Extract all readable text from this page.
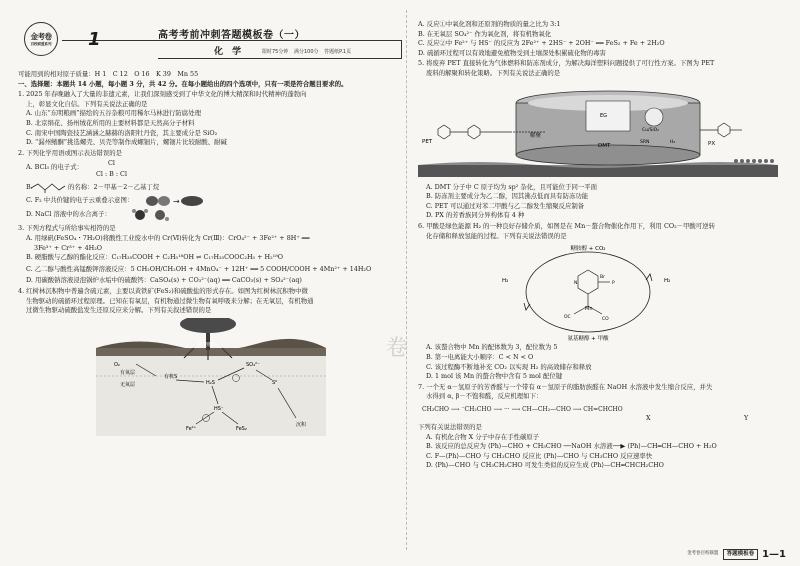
金考卷
百校联盟系列 1	高考考前冲刺答题模板卷（一）
化 学	限时75分钟 满分100分 答题纸P.1页
可能用到的相对原子质量：H 1　C 12　O 16　K 39　Mn 55
一、选择题：本题共 14 小题，每小题 3 分，共 42 分。在每小题给出的四个选项中，只有一项是符合题目要求的。
1. 2025 年春晚融入了大量的非遗元素，让我们深刻感受到了中华文化的博大精深和时代精神的蓬勃向
上，彰显文化自信。下列有关说法正确的是
A. 山东“东明粮画”描绘的五谷杂粮可用稀尔马林进行防腐处理
B. 北京绢花、扬州绒花所用的主要材料都是天然高分子材料
C. 南宋中国陶瓷技艺涵涵之赫赫的洛阳牡丹瓷，其主要成分是 SiO₂
D. “漏州鳍酮”挑选螺壳、贝壳等制作成螺钿片，螺钿片比较耐酸、耐碱
2. 下列化学用语或图示表达错误的是
A. BCl₃ 的电子式：	Cl
Cl : B : Cl
B.	的名称：2－甲基－2－乙基丁烷
C. F₂ 中共价键的电子云重叠示意图：	→
D. NaCl 溶液中的水合离子：
3. 下列方程式与所给事实相符的是
A. 用绿矾(FeSO₄・7H₂O)将酸性工业废水中的 Cr(Ⅵ)转化为 Cr(Ⅲ)：CrO₄²⁻ + 3Fe²⁺ + 8H⁺ ══
3Fe³⁺ + Cr³⁺ + 4H₂O
B. 硬脂酸与乙醇的酯化反应：C₁₇H₃₅COOH + C₂H₅¹⁸OH ⇌ C₁₇H₃₅COOC₂H₅ + H₂¹⁸O
C. 乙二醇与酸性高锰酸钾溶液反应：5 CH₂OH/CH₂OH + 4MnO₄⁻ + 12H⁺ ══ 5 COOH/COOH + 4Mn²⁺ + 14H₂O
D. 用碳酸钠溶液浸泡锅炉水垢中的硫酸钙：CaSO₄(s) + CO₃²⁻(aq) ══ CaCO₃(s) + SO₄²⁻(aq)
4. 红树林沉积物中普遍含硫元素，主要以黄铁矿(FeS₂)和硫酸盐的形式存在。如图为红树林沉积物中微
生物驱动的硫循环过程原理。已知在有氧层，有机物通过微生物有氧呼吸来分解；在无氧层，有机物通
过微生物驱动硫酸盐发生还原反应来分解。下列有关叙述错误的是
植物腐殖
O₂
有氧层
无氧层
有机S
H₂S
SO₄²⁻
S⁰
HS⁻
Fe²⁺	FeS₂
沉积
A. 反应①中氧化剂和还原剂的物质的量之比为 3:1
B. 在无氧层 SO₄²⁻ 作为氧化剂，将有机物氧化
C. 反应②中 Fe²⁺ 与 HS⁻ 的反应为 2Fe²⁺ + 2HS⁻ + 2OH⁻ ══ FeS₂ + Fe + 2H₂O
D. 硫循环过程可以有效地避免植物受到土壤深处积累硫化物的毒害
5. 将废弃 PET 直接转化为气体燃料和防冻剂成分，为解决海洋塑料问题提供了可行性方案。下图为 PET
废料的解聚和转化策略。下列有关说法正确的是
PET
解聚
DMT	PX
EG
Cu/SiO₂
SRN	H₂
A. DMT 分子中 C 原子均为 sp² 杂化，且可能位于同一平面
B. 防冻剂主要成分为乙二醇，因其沸点低而具有防冻功能
C. PET 可以通过对苯二甲酸与乙二醇发生缩聚反应制备
D. PX 的芳香族同分异构体有 4 种
6. 甲酸是绿色能源 H₂ 的一种良好存储介质，如图是在 Mn－螯合物催化作用下，利用 CO₂－甲酸可逆转
化存储和释放氢能的过程。下列有关说法错误的是
糖胺醇 + CO₂
H₂	H₂
氨基糖醇 + 甲酸
Mn
N
Br
P
OC	CO
A. 该螯合物中 Mn 的配体数为 3，配位数为 5
B. 第一电离能大小顺序：C < N < O
C. 该过程酶不断地补充 CO₂ 以实现 H₂ 的高效储存和释放
D. 1 mol 该 Mn 的螯合物中含有 5 mol 配位键
7. 一个无 α－氢原子的芳香醛与一个带有 α－氢原子的脂肪族醛在 NaOH 水溶液中发生缩合反应，并失
水得到 α, β－不饱和醛，反应机理如下：
CH₃CHO ⟶ ⁻CH₂CHO ⟶ ··· ⟶ CH—CH₂—CHO ⟶ CH=CHCHO
X	Y
下列有关说法错误的是
A. 有机化合物 X 分子中存在手性碳原子
B. 该反应的总反应为 ⟨Ph⟩—CHO + CH₃CHO ──NaOH 水溶液──▶ ⟨Ph⟩—CH═CH—CHO + H₂O
C. F—⟨Ph⟩—CHO 与 CH₃CHO 反应比 ⟨Ph⟩—CHO 与 CH₃CHO 反应速率快
D. ⟨Ph⟩—CHO 与 CH₃CH₂CHO 可发生类似的反应生成 ⟨Ph⟩—CH═CHCH₂CHO
卷
金考卷百校联盟	答题模板卷 1—1
